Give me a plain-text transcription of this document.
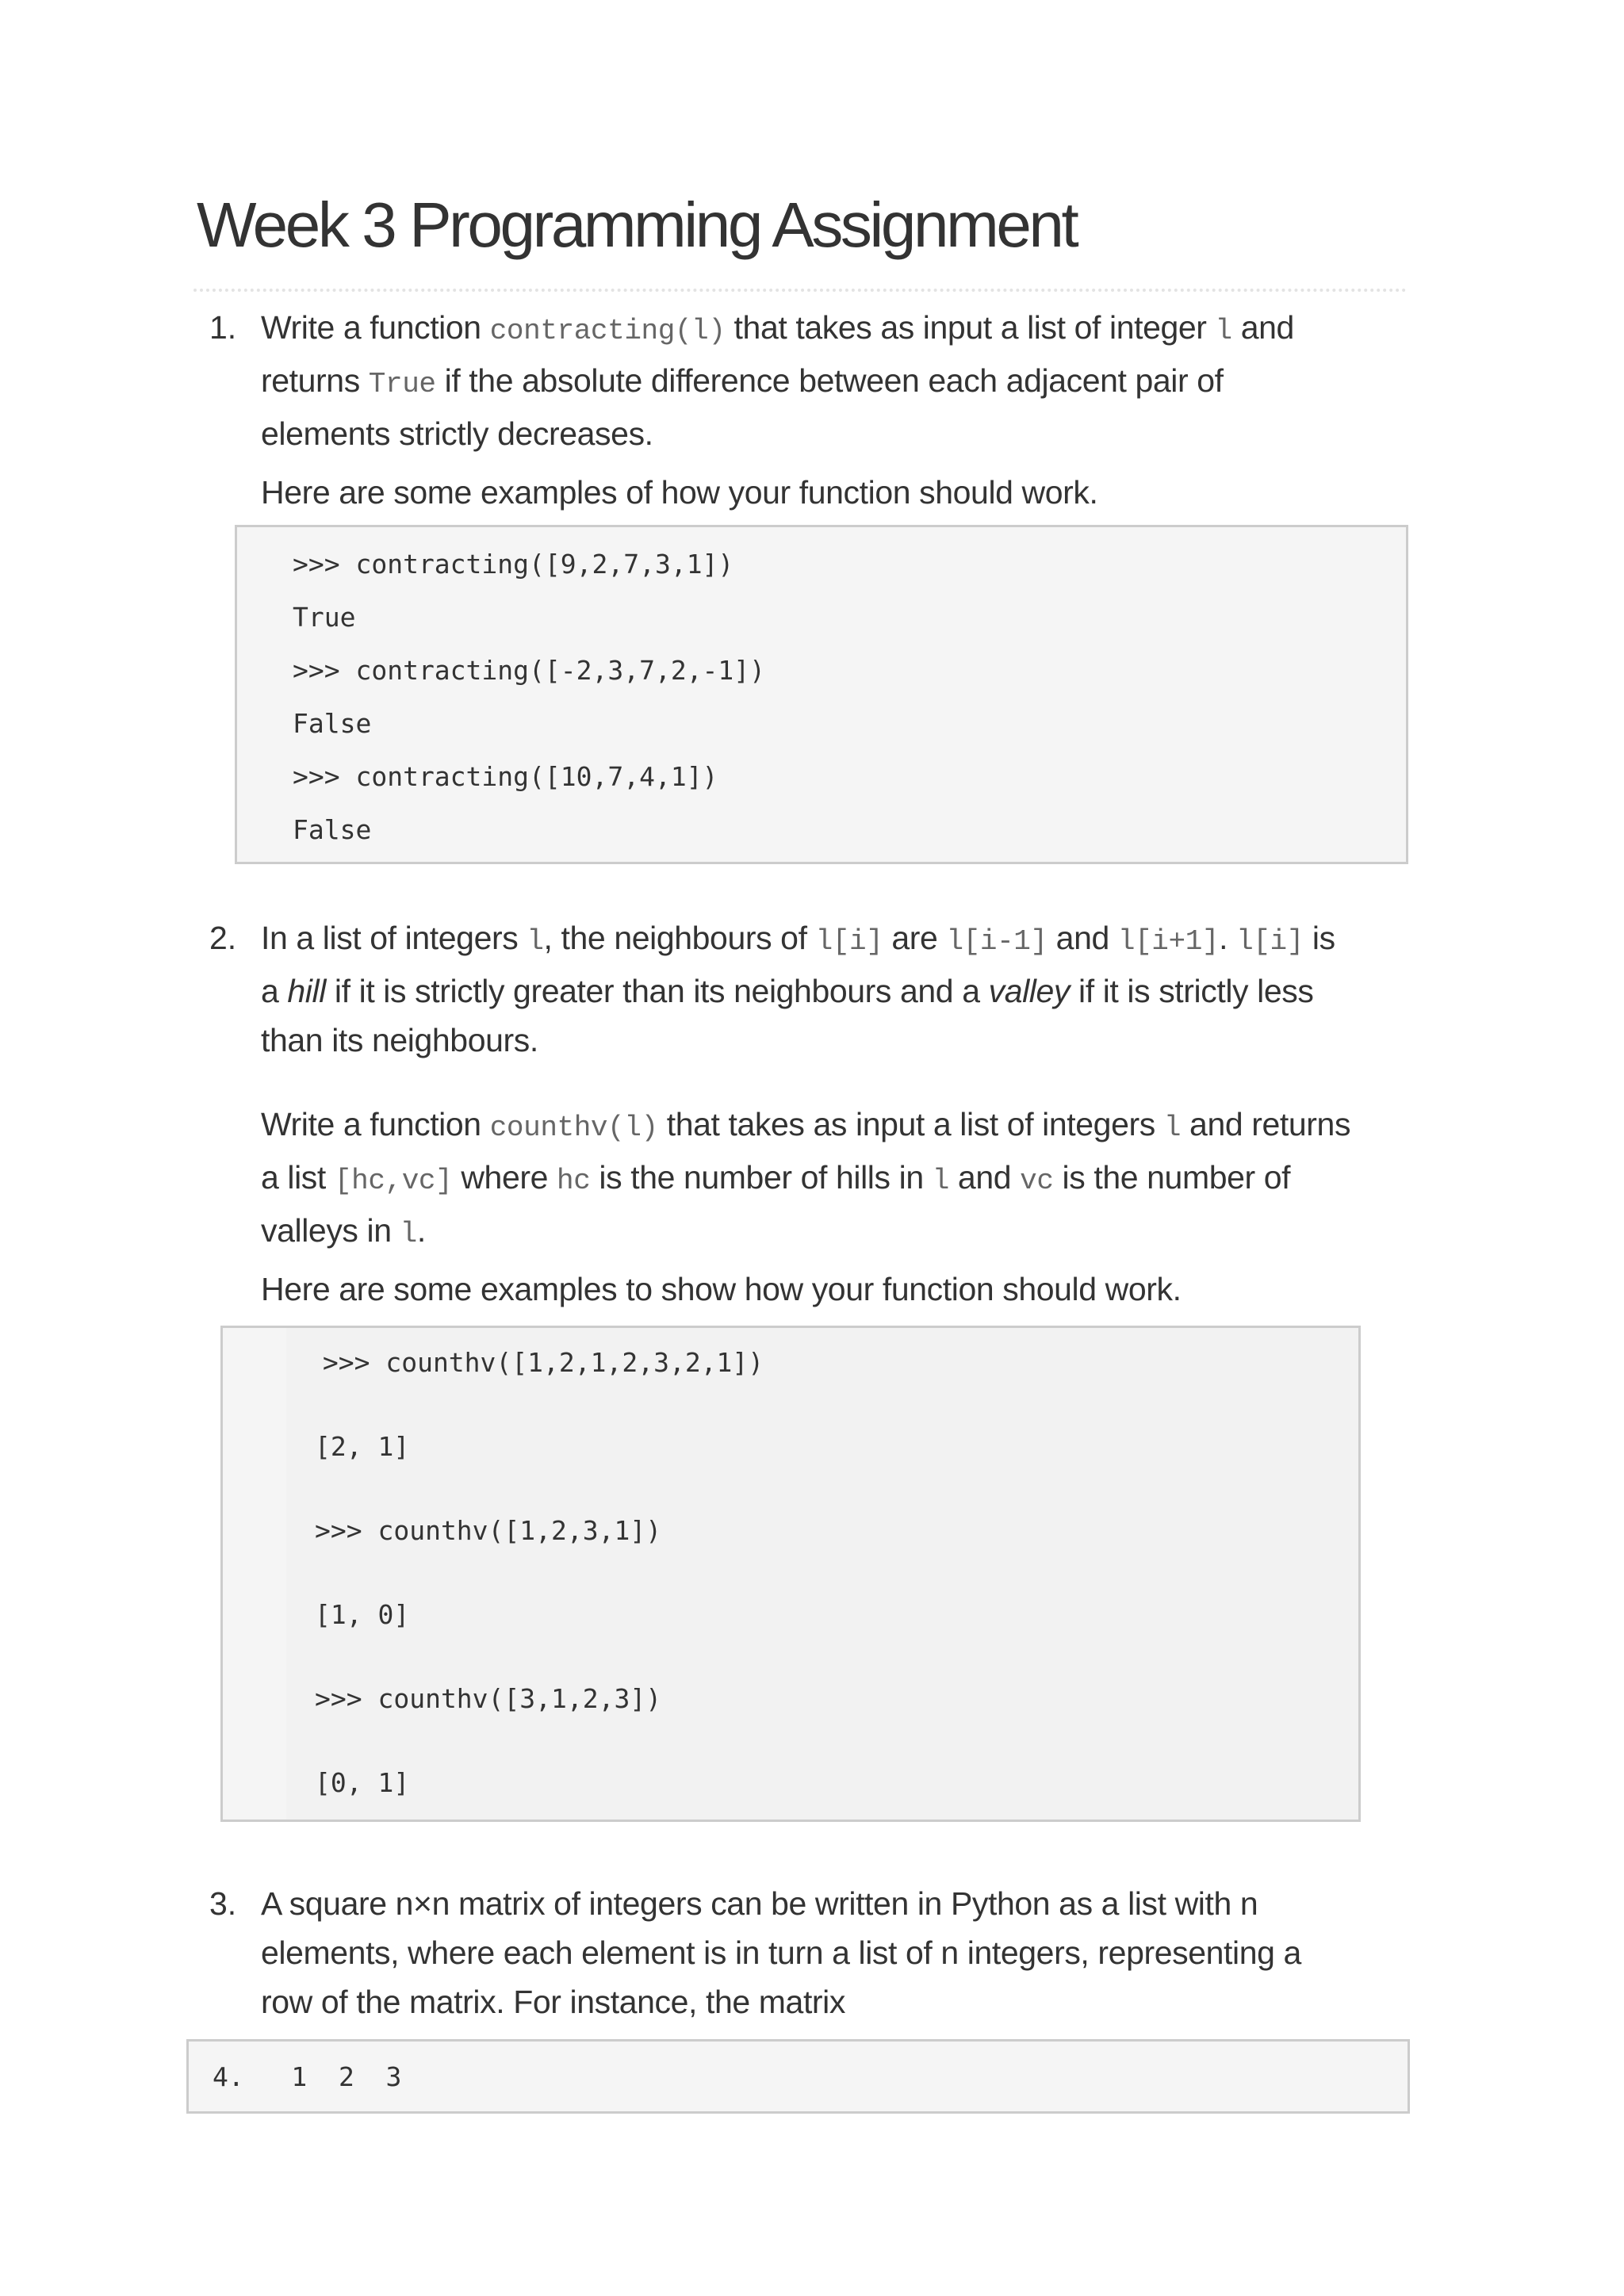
Week 3 Programming Assignment
1. Write a function contracting(l) that takes as input a list of integer l and
returns True if the absolute difference between each adjacent pair of
elements strictly decreases.
Here are some examples of how your function should work.
>>> contracting([9,2,7,3,1])
True
>>> contracting([-2,3,7,2,-1])
False
>>> contracting([10,7,4,1])
False
2. In a list of integers l, the neighbours of l[i] are l[i-1] and l[i+1]. l[i] is
a hill if it is strictly greater than its neighbours and a valley if it is strictly less
than its neighbours.
Write a function counthv(l) that takes as input a list of integers l and returns
a list [hc,vc] where hc is the number of hills in l and vc is the number of
valleys in l.
Here are some examples to show how your function should work.
>>> counthv([1,2,1,2,3,2,1])
[2, 1]
>>> counthv([1,2,3,1])
[1, 0]
>>> counthv([3,1,2,3])
[0, 1]
3. A square n×n matrix of integers can be written in Python as a list with n
elements, where each element is in turn a list of n integers, representing a
row of the matrix. For instance, the matrix
4.   1  2  3
